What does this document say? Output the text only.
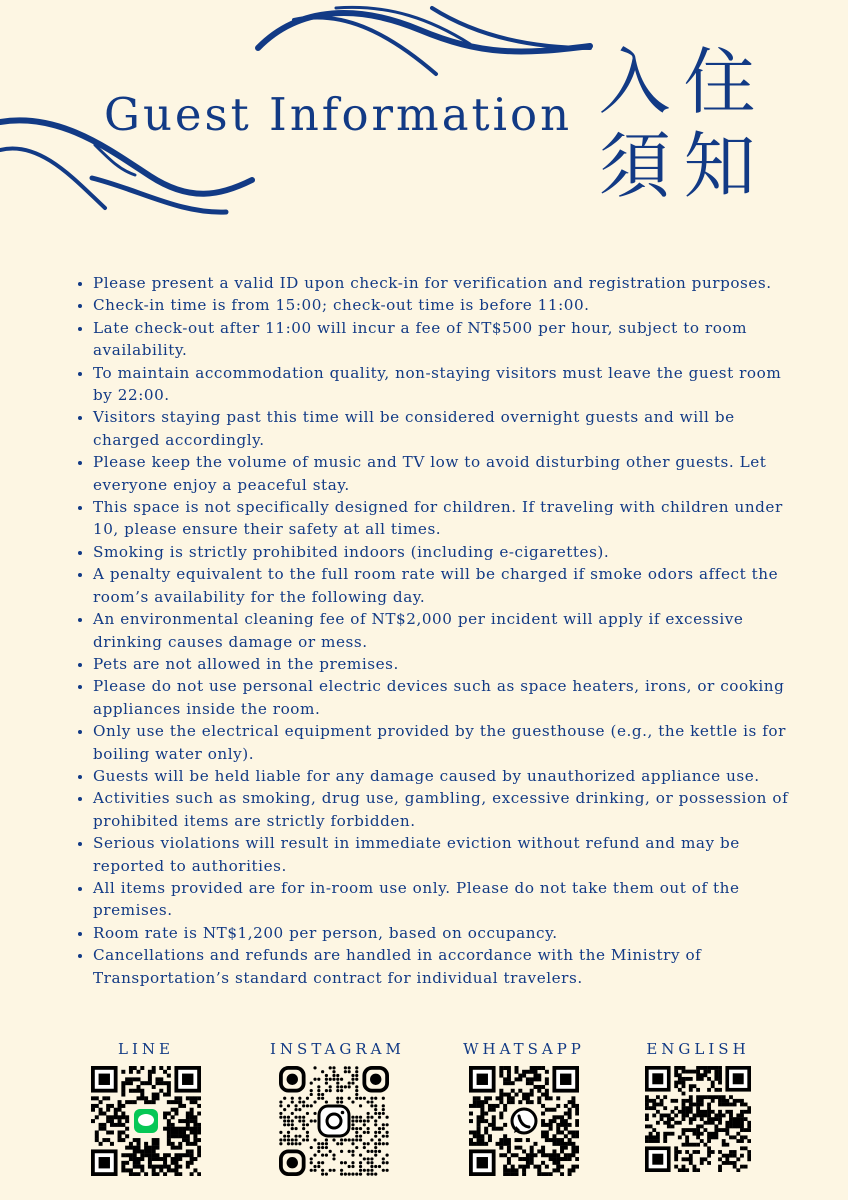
Guest Information 入 住
須 知
• Please present a valid ID upon check-in for verification and registration purposes.
• Check-in time is from 15:00; check-out time is before 11:00.
• Late check-out after 11:00 will incur a fee of NT$500 per hour, subject to room availability.
• To maintain accommodation quality, non-staying visitors must leave the guest room by 22:00.
• Visitors staying past this time will be considered overnight guests and will be charged accordingly.
• Please keep the volume of music and TV low to avoid disturbing other guests. Let everyone enjoy a peaceful stay.
• This space is not specifically designed for children. If traveling with children under 10, please ensure their safety at all times.
• Smoking is strictly prohibited indoors (including e-cigarettes).
• A penalty equivalent to the full room rate will be charged if smoke odors affect the room’s availability for the following day.
• An environmental cleaning fee of NT$2,000 per incident will apply if excessive drinking causes damage or mess.
• Pets are not allowed in the premises.
• Please do not use personal electric devices such as space heaters, irons, or cooking appliances inside the room.
• Only use the electrical equipment provided by the guesthouse (e.g., the kettle is for boiling water only).
• Guests will be held liable for any damage caused by unauthorized appliance use.
• Activities such as smoking, drug use, gambling, excessive drinking, or possession of prohibited items are strictly forbidden.
• Serious violations will result in immediate eviction without refund and may be reported to authorities.
• All items provided are for in-room use only. Please do not take them out of the premises.
• Room rate is NT$1,200 per person, based on occupancy.
• Cancellations and refunds are handled in accordance with the Ministry of Transportation’s standard contract for individual travelers.
LINE	INSTAGRAM	WHATSAPP	ENGLISH
